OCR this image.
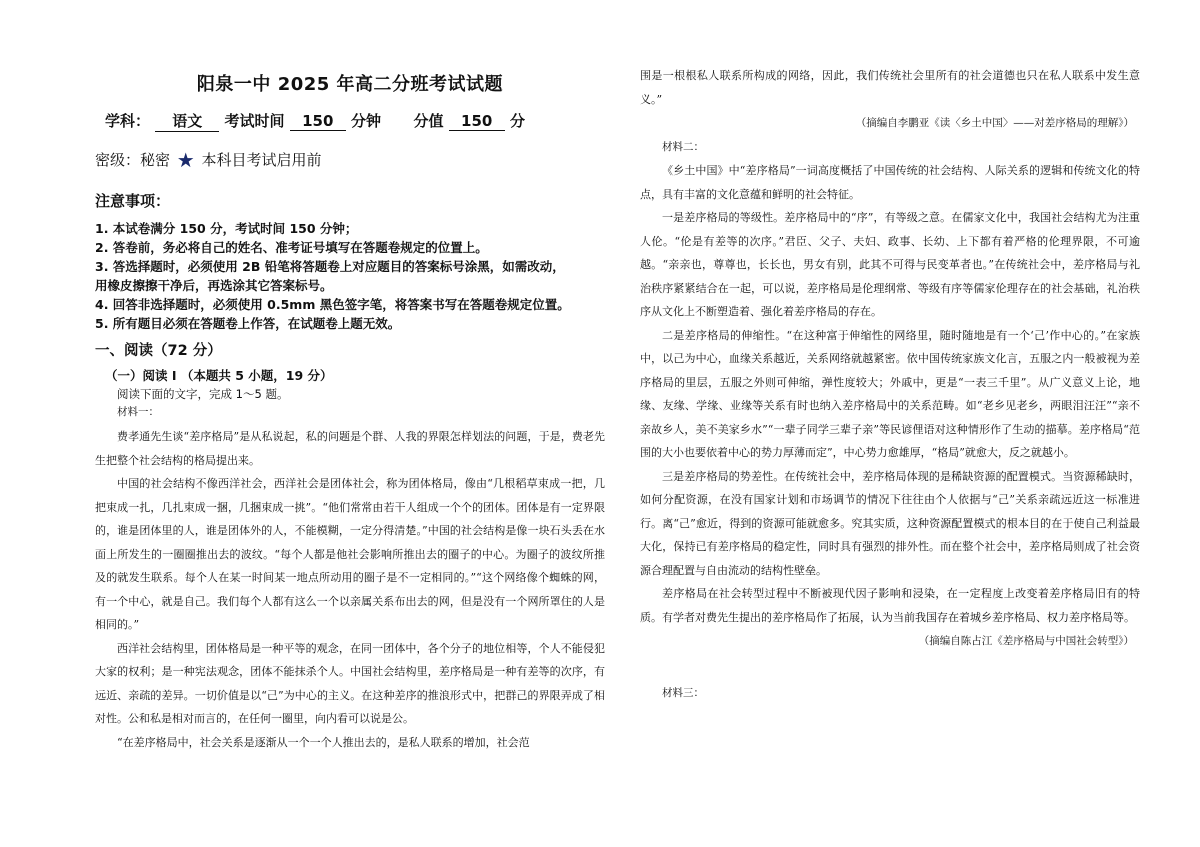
阳泉一中 2025 年高二分班考试试题
学科： 语文 考试时间 150 分钟 分值 150 分
密级：秘密 ★ 本科目考试启用前
注意事项：
1. 本试卷满分 150 分，考试时间 150 分钟；
2. 答卷前，务必将自己的姓名、准考证号填写在答题卷规定的位置上。
3. 答选择题时，必须使用 2B 铅笔将答题卷上对应题目的答案标号涂黑，如需改动，
用橡皮擦擦干净后，再选涂其它答案标号。
4. 回答非选择题时，必须使用 0.5mm 黑色签字笔，将答案书写在答题卷规定位置。
5. 所有题目必须在答题卷上作答，在试题卷上题无效。
一、阅读（72 分）
（一）阅读 I （本题共 5 小题，19 分）
阅读下面的文字，完成 1～5 题。
材料一：

费孝通先生谈“差序格局”是从私说起，私的问题是个群、人我的界限怎样划法的问题，于是，费老先生把整个社会结构的格局提出来。

中国的社会结构不像西洋社会，西洋社会是团体社会，称为团体格局，像由“几根稻草束成一把，几把束成一扎，几扎束成一捆，几捆束成一挑”。“他们常常由若干人组成一个个的团体。团体是有一定界限的，谁是团体里的人，谁是团体外的人，不能模糊，一定分得清楚。”中国的社会结构是像一块石头丢在水面上所发生的一圈圈推出去的波纹。“每个人都是他社会影响所推出去的圈子的中心。为圈子的波纹所推及的就发生联系。每个人在某一时间某一地点所动用的圈子是不一定相同的。”“这个网络像个蜘蛛的网，有一个中心，就是自己。我们每个人都有这么一个以亲属关系布出去的网，但是没有一个网所罩住的人是相同的。”

西洋社会结构里，团体格局是一种平等的观念，在同一团体中，各个分子的地位相等，个人不能侵犯大家的权利；是一种宪法观念，团体不能抹杀个人。中国社会结构里，差序格局是一种有差等的次序，有远近、亲疏的差异。一切价值是以“己”为中心的主义。在这种差序的推浪形式中，把群己的界限弄成了相对性。公和私是相对而言的，在任何一圈里，向内看可以说是公。

“在差序格局中，社会关系是逐渐从一个一个人推出去的，是私人联系的增加，社会范

围是一根根私人联系所构成的网络，因此，我们传统社会里所有的社会道德也只在私人联系中发生意义。”

（摘编自李鹏亚《读〈乡土中国〉——对差序格局的理解》）
材料二：

《乡土中国》中“差序格局”一词高度概括了中国传统的社会结构、人际关系的逻辑和传统文化的特点，具有丰富的文化意蕴和鲜明的社会特征。

一是差序格局的等级性。差序格局中的“序”，有等级之意。在儒家文化中，我国社会结构尤为注重人伦。“伦是有差等的次序。”君臣、父子、夫妇、政事、长幼、上下都有着严格的伦理界限，不可逾越。“亲亲也，尊尊也，长长也，男女有别，此其不可得与民变革者也。”在传统社会中，差序格局与礼治秩序紧紧结合在一起，可以说，差序格局是伦理纲常、等级有序等儒家伦理存在的社会基础，礼治秩序从文化上不断塑造着、强化着差序格局的存在。

二是差序格局的伸缩性。“在这种富于伸缩性的网络里，随时随地是有一个‘己’作中心的。”在家族中，以己为中心，血缘关系越近，关系网络就越紧密。依中国传统家族文化言，五服之内一般被视为差序格局的里层，五服之外则可伸缩，弹性度较大；外戚中，更是“一表三千里”。从广义意义上论，地缘、友缘、学缘、业缘等关系有时也纳入差序格局中的关系范畴。如“老乡见老乡，两眼泪汪汪”“亲不亲故乡人，美不美家乡水”“一辈子同学三辈子亲”等民谚俚语对这种情形作了生动的描摹。差序格局“范围的大小也要依着中心的势力厚薄而定”，中心势力愈雄厚，“格局”就愈大，反之就越小。

三是差序格局的势差性。在传统社会中，差序格局体现的是稀缺资源的配置模式。当资源稀缺时，如何分配资源，在没有国家计划和市场调节的情况下往往由个人依据与“己”关系亲疏远近这一标准进行。离“己”愈近，得到的资源可能就愈多。究其实质，这种资源配置模式的根本目的在于使自己利益最大化，保持已有差序格局的稳定性，同时具有强烈的排外性。而在整个社会中，差序格局则成了社会资源合理配置与自由流动的结构性壁垒。

差序格局在社会转型过程中不断被现代因子影响和浸染，在一定程度上改变着差序格局旧有的特质。有学者对费先生提出的差序格局作了拓展，认为当前我国存在着城乡差序格局、权力差序格局等。

（摘编自陈占江《差序格局与中国社会转型》）
材料三：
